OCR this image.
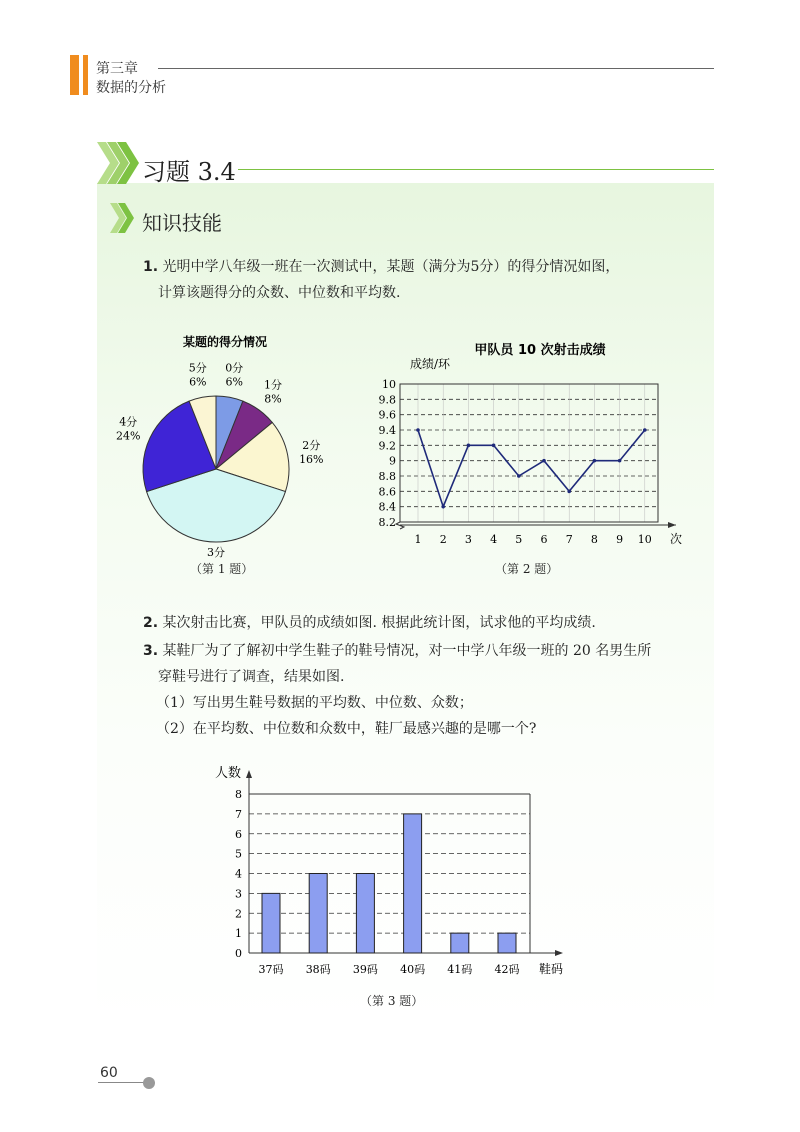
第三章
数据的分析
习题 3.4
知识技能
1. 光明中学八年级一班在一次测试中，某题（满分为5分）的得分情况如图，
计算该题得分的众数、中位数和平均数.
某题的得分情况
0分
6% 1分
8%
2分
16%
3分
4分
24%
5分
6%
（第 1 题）
甲队员 10 次射击成绩
成绩/环
8.2
8.4
8.6
8.8
9
9.2
9.4
9.6
9.8
10
1 2 3 4 5 6 7 8 9 10 次
（第 2 题）
2. 某次射击比赛，甲队员的成绩如图. 根据此统计图，试求他的平均成绩.
3. 某鞋厂为了了解初中学生鞋子的鞋号情况，对一中学八年级一班的 20 名男生所
穿鞋号进行了调查，结果如图.
（1）写出男生鞋号数据的平均数、中位数、众数；
（2）在平均数、中位数和众数中，鞋厂最感兴趣的是哪一个?
人数
0
1
2
3
4
5
6
7
8
37码 38码 39码 40码 41码 42码 鞋码
（第 3 题）
60
